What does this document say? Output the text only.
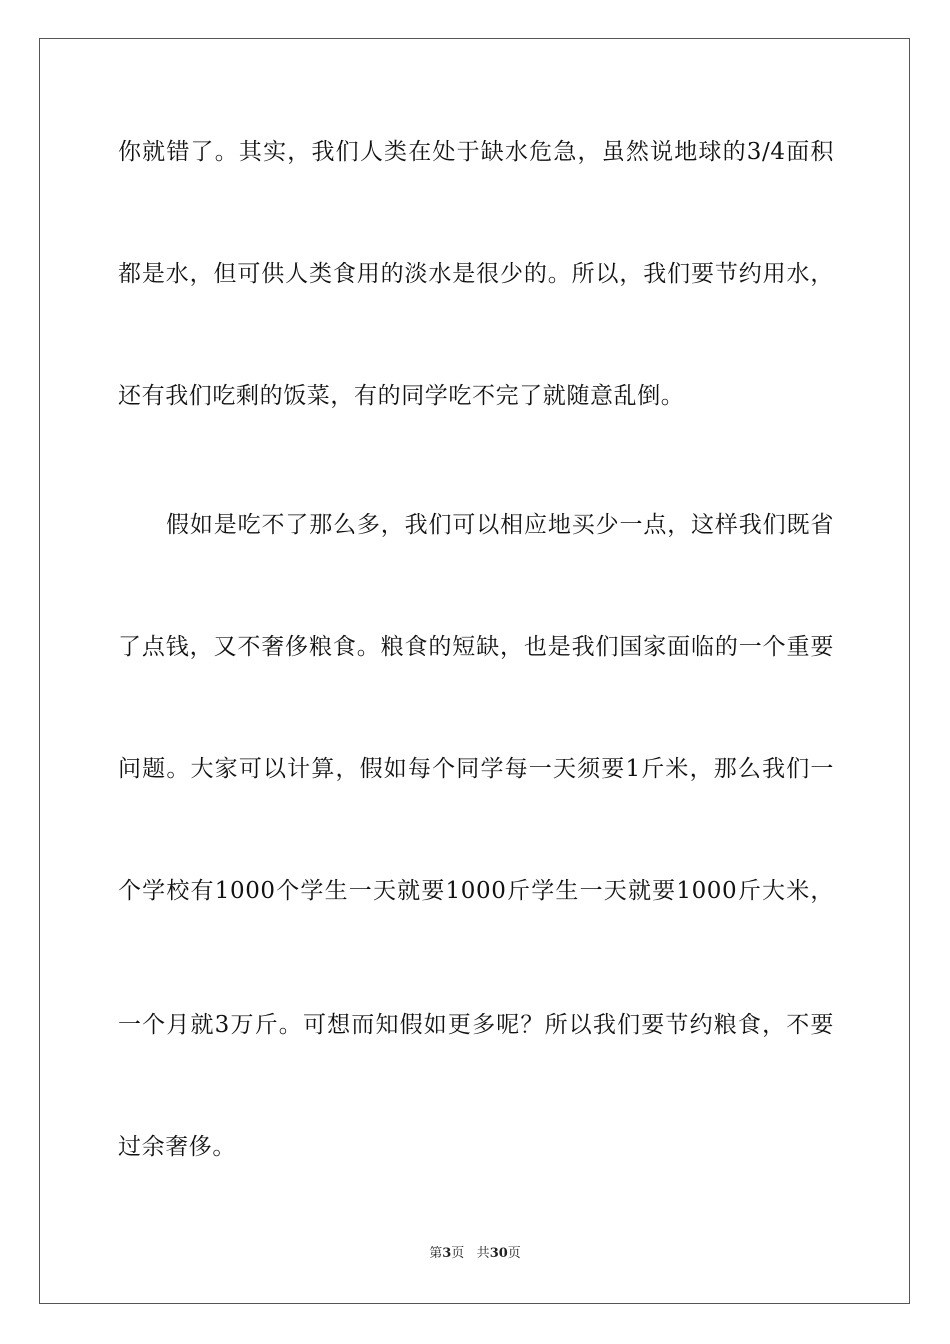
你就错了。其实，我们人类在处于缺水危急，虽然说地球的3/4面积
都是水，但可供人类食用的淡水是很少的。所以，我们要节约用水，
还有我们吃剩的饭菜，有的同学吃不完了就随意乱倒。
假如是吃不了那么多，我们可以相应地买少一点，这样我们既省
了点钱，又不奢侈粮食。粮食的短缺，也是我们国家面临的一个重要
问题。大家可以计算，假如每个同学每一天须要1斤米，那么我们一
个学校有1000个学生一天就要1000斤学生一天就要1000斤大米，
一个月就3万斤。可想而知假如更多呢？所以我们要节约粮食，不要
过余奢侈。
第3页 共30页
